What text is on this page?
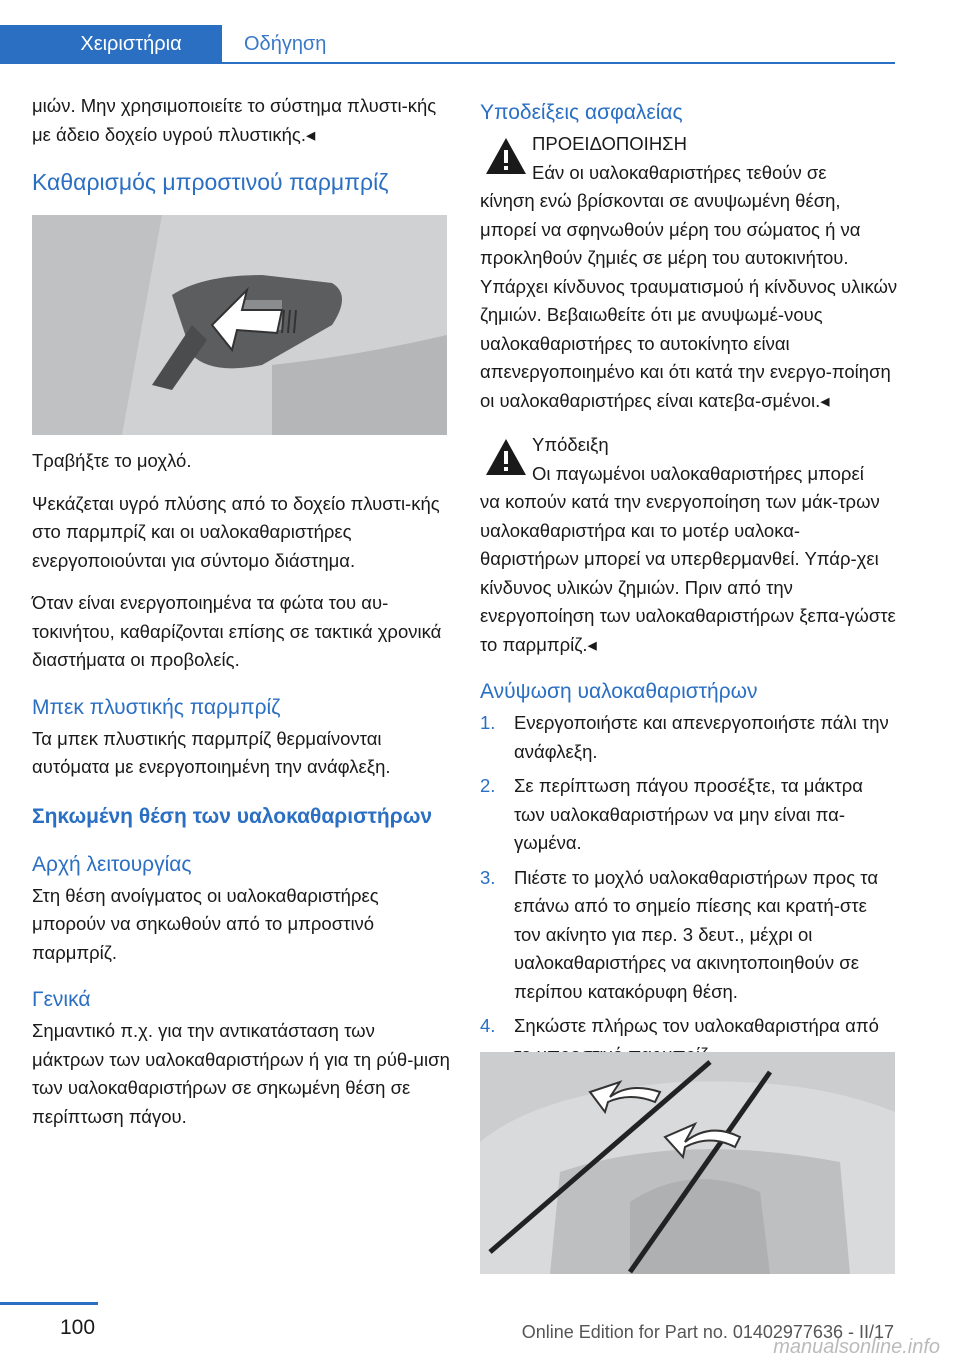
Χειριστήρια	Οδήγηση

μιών. Μην χρησιμοποιείτε το σύστημα πλυστι-κής με άδειο δοχείο υγρού πλυστικής.◂

Καθαρισμός μπροστινού παρμπρίζ

Τραβήξτε το μοχλό.

Ψεκάζεται υγρό πλύσης από το δοχείο πλυστι-κής στο παρμπρίζ και οι υαλοκαθαριστήρες ενεργοποιούνται για σύντομο διάστημα.

Όταν είναι ενεργοποιημένα τα φώτα του αυ-τοκινήτου, καθαρίζονται επίσης σε τακτικά χρονικά διαστήματα οι προβολείς.

Μπεκ πλυστικής παρμπρίζ

Τα μπεκ πλυστικής παρμπρίζ θερμαίνονται αυτόματα με ενεργοποιημένη την ανάφλεξη.

Σηκωμένη θέση των υαλοκαθαριστήρων
Αρχή λειτουργίας

Στη θέση ανοίγματος οι υαλοκαθαριστήρες μπορούν να σηκωθούν από το μπροστινό παρμπρίζ.

Γενικά

Σημαντικό π.χ. για την αντικατάσταση των μάκτρων των υαλοκαθαριστήρων ή για τη ρύθ-μιση των υαλοκαθαριστήρων σε σηκωμένη θέση σε περίπτωση πάγου.

Υποδείξεις ασφαλείας
ΠΡΟΕΙΔΟΠΟΙΗΣΗ
Εάν οι υαλοκαθαριστήρες τεθούν σε

κίνηση ενώ βρίσκονται σε ανυψωμένη θέση, μπορεί να σφηνωθούν μέρη του σώματος ή να προκληθούν ζημιές σε μέρη του αυτοκινήτου. Υπάρχει κίνδυνος τραυματισμού ή κίνδυνος υλικών ζημιών. Βεβαιωθείτε ότι με ανυψωμέ-νους υαλοκαθαριστήρες το αυτοκίνητο είναι απενεργοποιημένο και ότι κατά την ενεργο-ποίηση οι υαλοκαθαριστήρες είναι κατεβα-σμένοι.◂

Υπόδειξη
Οι παγωμένοι υαλοκαθαριστήρες μπορεί

να κοπούν κατά την ενεργοποίηση των μάκ-τρων υαλοκαθαριστήρα και το μοτέρ υαλοκα-θαριστήρων μπορεί να υπερθερμανθεί. Υπάρ-χει κίνδυνος υλικών ζημιών. Πριν από την ενεργοποίηση των υαλοκαθαριστήρων ξεπα-γώστε το παρμπρίζ.◂

Ανύψωση υαλοκαθαριστήρων
1.	Ενεργοποιήστε και απενεργοποιήστε πάλι την ανάφλεξη.
2.	Σε περίπτωση πάγου προσέξτε, τα μάκτρα των υαλοκαθαριστήρων να μην είναι πα-γωμένα.
3.	Πιέστε το μοχλό υαλοκαθαριστήρων προς τα επάνω από το σημείο πίεσης και κρατή-στε τον ακίνητο για περ. 3 δευτ., μέχρι οι υαλοκαθαριστήρες να ακινητοποιηθούν σε περίπου κατακόρυφη θέση.
4.	Σηκώστε πλήρως τον υαλοκαθαριστήρα από
100	Online Edition for Part no. 01402977636 - II/17
manualsonline.info
